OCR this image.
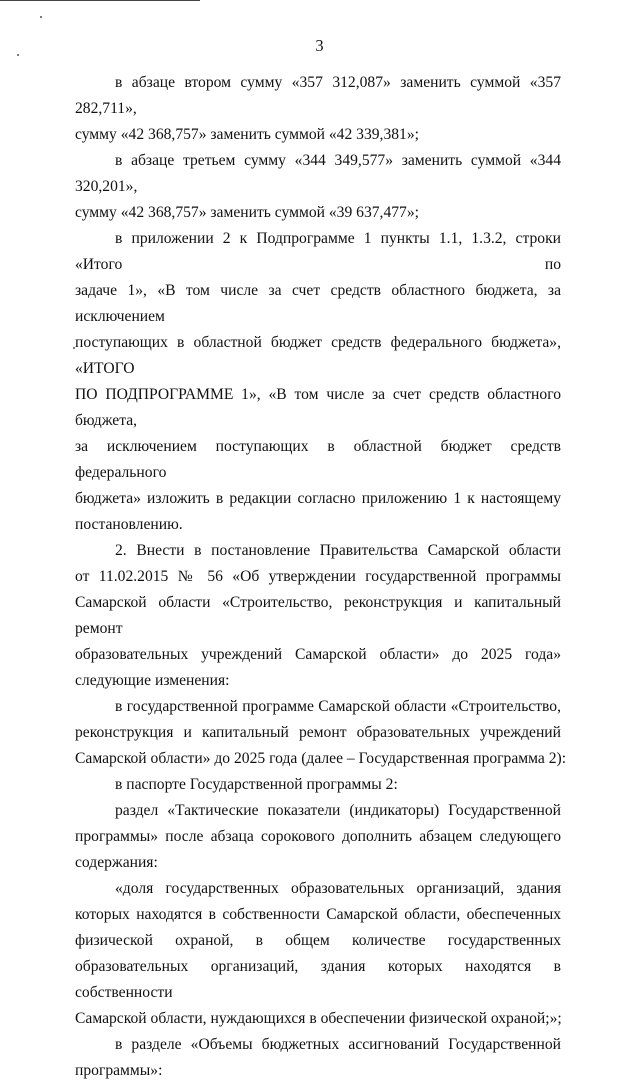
3

в абзаце втором сумму «357 312,087» заменить суммой «357 282,711»,
сумму «42 368,757» заменить суммой «42 339,381»;

в абзаце третьем сумму «344 349,577» заменить суммой «344 320,201»,
сумму «42 368,757» заменить суммой «39 637,477»;

в приложении 2 к Подпрограмме 1 пункты 1.1, 1.3.2, строки «Итого по
задаче 1», «В том числе за счет средств областного бюджета, за исключением
поступающих в областной бюджет средств федерального бюджета», «ИТОГО
ПО ПОДПРОГРАММЕ 1», «В том числе за счет средств областного бюджета,
за исключением поступающих в областной бюджет средств федерального
бюджета» изложить в редакции согласно приложению 1 к настоящему
постановлению.

2. Внести в постановление Правительства Самарской области
от 11.02.2015 № 56 «Об утверждении государственной программы
Самарской области «Строительство, реконструкция и капитальный ремонт
образовательных учреждений Самарской области» до 2025 года»
следующие изменения:

в государственной программе Самарской области «Строительство,
реконструкция и капитальный ремонт образовательных учреждений
Самарской области» до 2025 года (далее – Государственная программа 2):

в паспорте Государственной программы 2:

раздел «Тактические показатели (индикаторы) Государственной
программы» после абзаца сорокового дополнить абзацем следующего
содержания:

«доля государственных образовательных организаций, здания
которых находятся в собственности Самарской области, обеспеченных
физической охраной, в общем количестве государственных
образовательных организаций, здания которых находятся в собственности
Самарской области, нуждающихся в обеспечении физической охраной;»;

в разделе «Объемы бюджетных ассигнований Государственной
программы»:
